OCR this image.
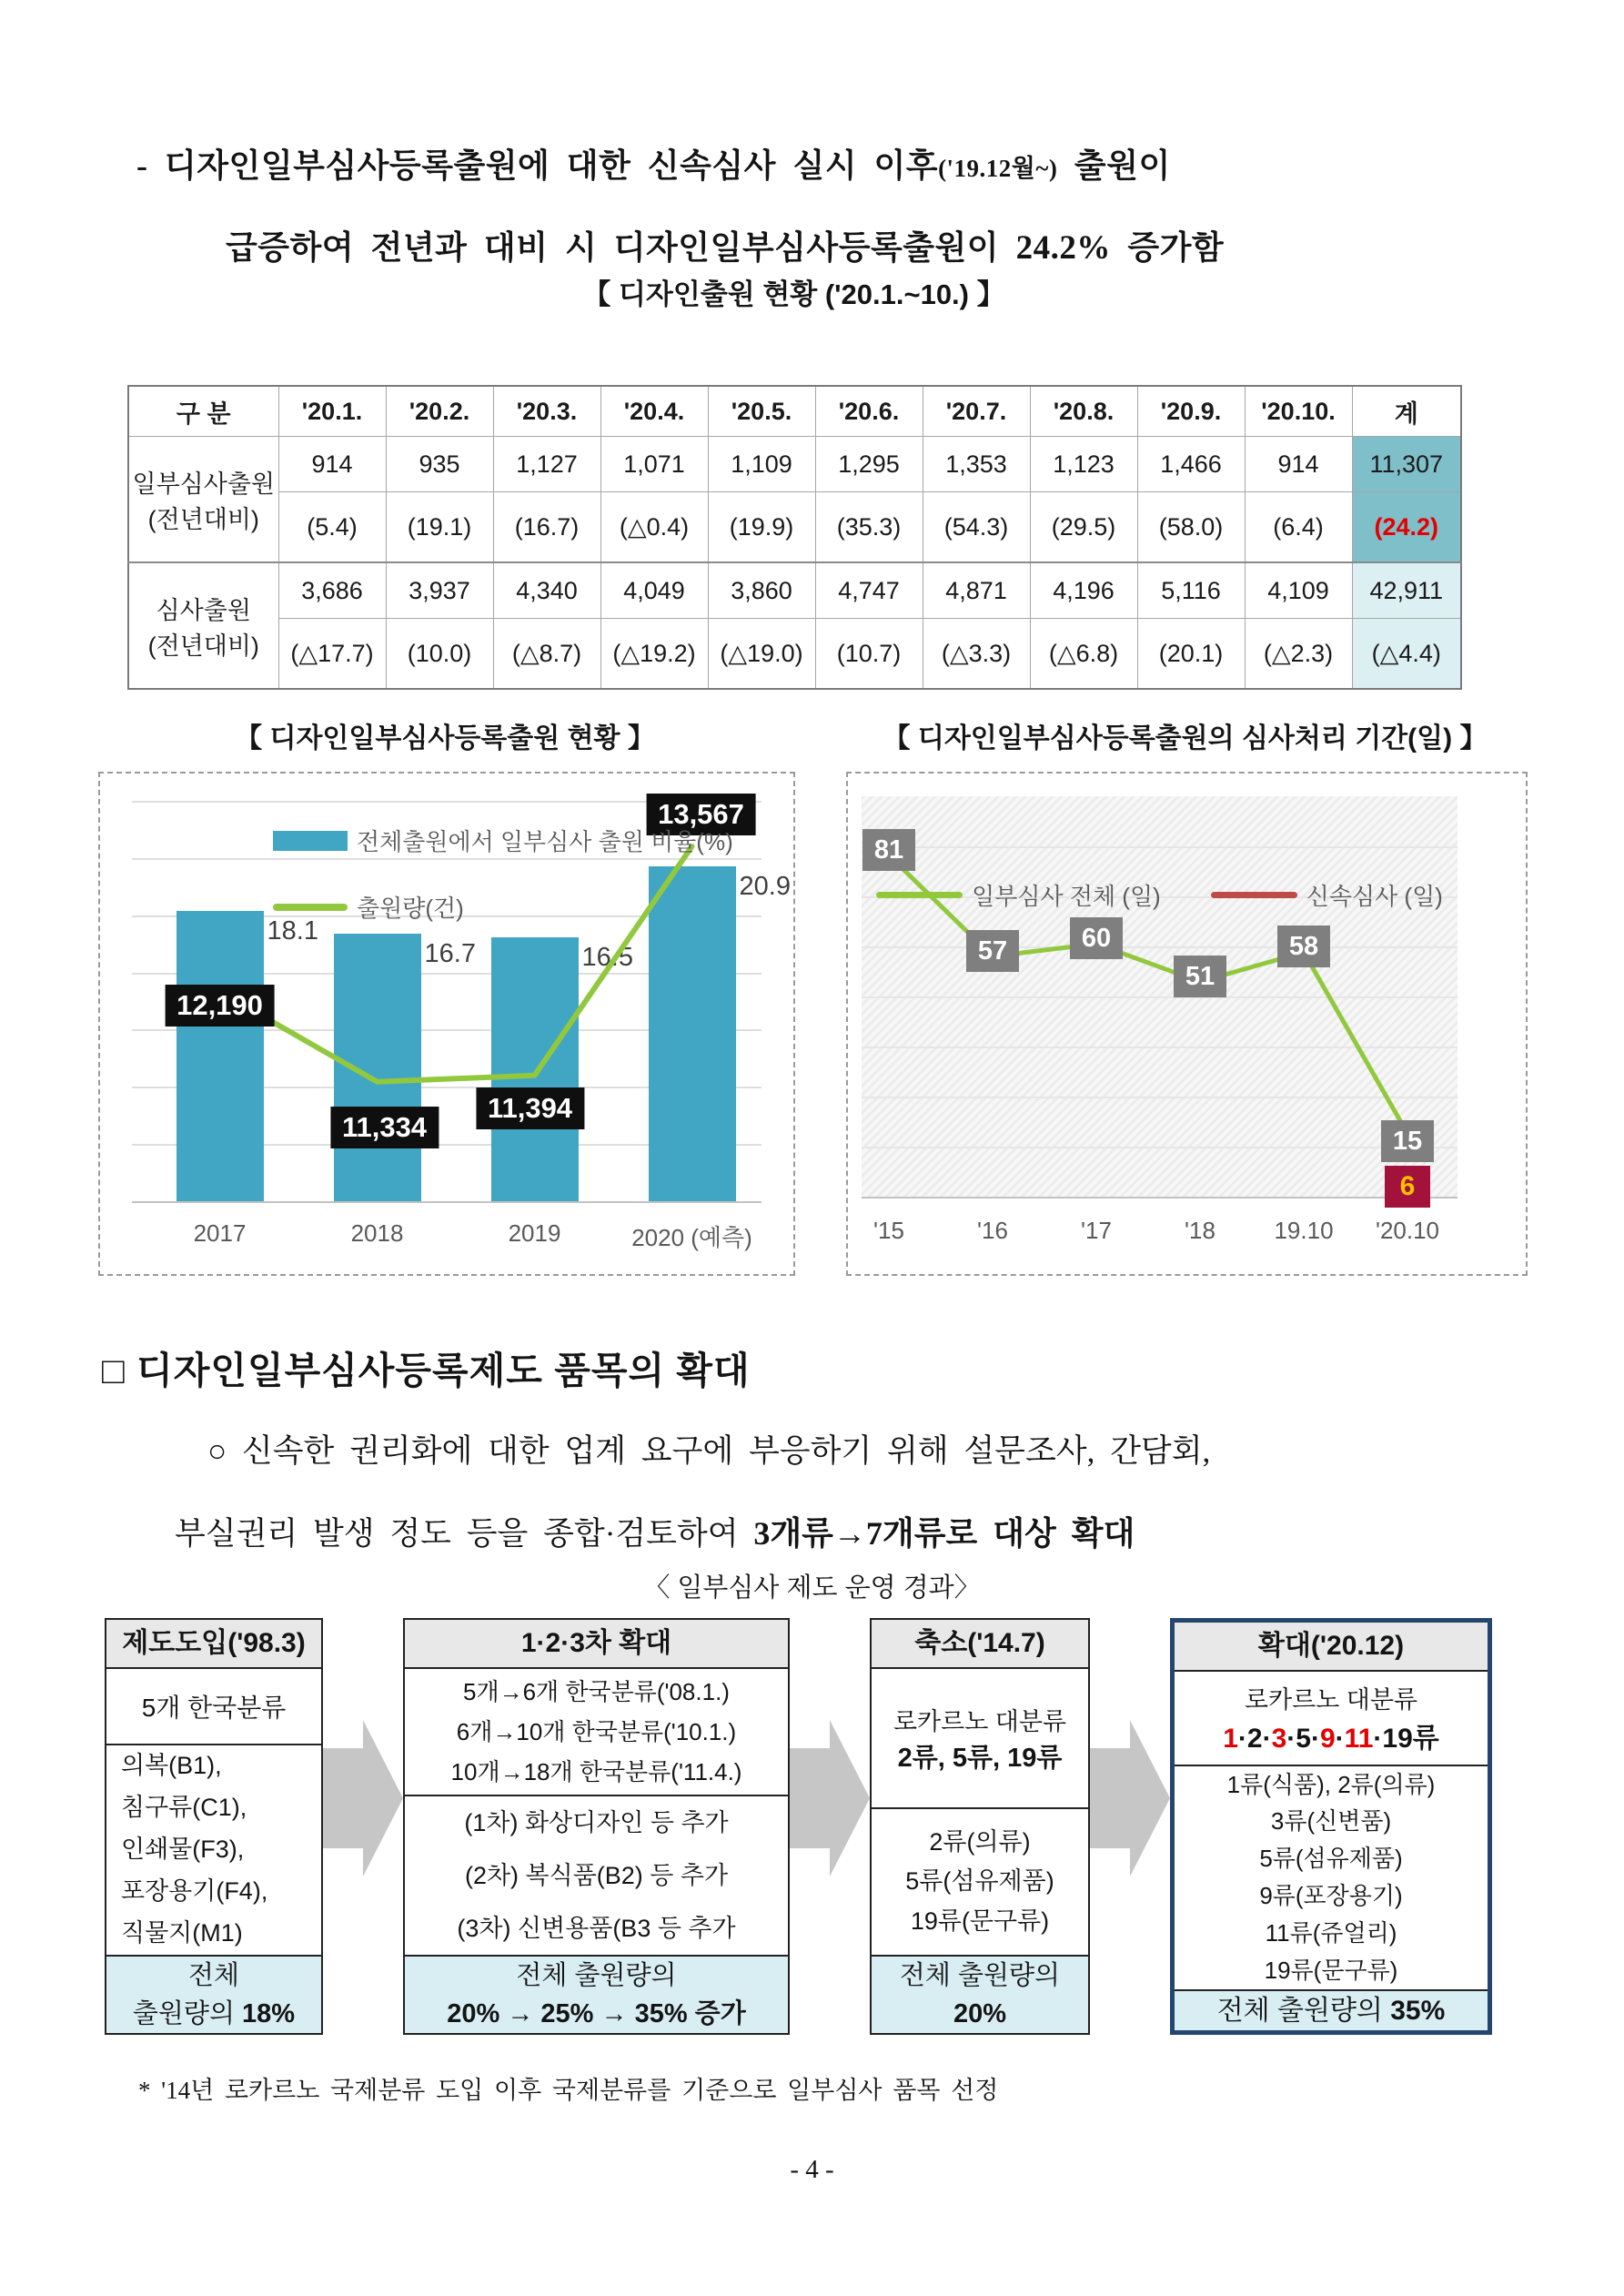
- 디자인일부심사등록출원에 대한 신속심사 실시 이후('19.12월~) 출원이

급증하여 전년과 대비 시 디자인일부심사등록출원이 24.2% 증가함

【 디자인출원 현황 ('20.1.~10.) 】
구 분	'20.1.	'20.2.	'20.3.	'20.4.	'20.5.	'20.6.	'20.7.	'20.8.	'20.9.	'20.10.	계
일부심사출원
(전년대비)	914	935	1,127	1,071	1,109	1,295	1,353	1,123	1,466	914	11,307
	(5.4)	(19.1)	(16.7)	(△0.4)	(19.9)	(35.3)	(54.3)	(29.5)	(58.0)	(6.4)	(24.2)
심사출원
(전년대비)	3,686	3,937	4,340	4,049	3,860	4,747	4,871	4,196	5,116	4,109	42,911
	(△17.7)	(10.0)	(△8.7)	(△19.2)	(△19.0)	(10.7)	(△3.3)	(△6.8)	(20.1)	(△2.3)	(△4.4)
【 디자인일부심사등록출원 현황 】	【 디자인일부심사등록출원의 심사처리 기간(일) 】
18.1
16.7	16.5
20.9
12,190
11,334
11,394
13,567
2017	2018	2019	2020 (예측)
전체출원에서 일부심사 출원 비율(%)
출원량(건)
81
57	60
51
58
15
6
'15	'16	'17	'18 19.10 '20.10
일부심사 전체 (일)	신속심사 (일)

□ 디자인일부심사등록제도 품목의 확대

○ 신속한 권리화에 대한 업계 요구에 부응하기 위해 설문조사, 간담회,

부실권리 발생 정도 등을 종합·검토하여 3개류→7개류로 대상 확대

〈 일부심사 제도 운영 경과〉
제도도입('98.3)
5개 한국분류
의복(B1),
침구류(C1),
인쇄물(F3),
포장용기(F4),
직물지(M1)
전체
출원량의 18%
1·2·3차 확대
5개→6개 한국분류('08.1.)
6개→10개 한국분류('10.1.)
10개→18개 한국분류('11.4.)
(1차) 화상디자인 등 추가
(2차) 복식품(B2) 등 추가
(3차) 신변용품(B3 등 추가
전체 출원량의
20% → 25% → 35% 증가
축소('14.7)
로카르노 대분류
2류, 5류, 19류
2류(의류)
5류(섬유제품)
19류(문구류)
전체 출원량의
20%
확대('20.12)
로카르노 대분류
1·2·3·5·9·11·19류
1류(식품), 2류(의류)
3류(신변품)
5류(섬유제품)
9류(포장용기)
11류(쥬얼리)
19류(문구류)
전체 출원량의 35%

* '14년 로카르노 국제분류 도입 이후 국제분류를 기준으로 일부심사 품목 선정

- 4 -
